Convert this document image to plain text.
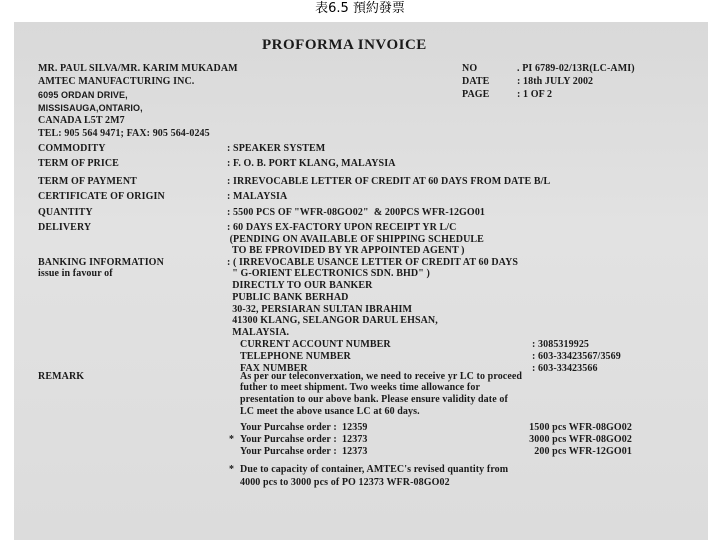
表6.5 預約發票
PROFORMA INVOICE
MR. PAUL SILVA/MR. KARIM MUKADAM
AMTEC MANUFACTURING INC.
6095 ORDAN DRIVE,
MISSISAUGA,ONTARIO,
CANADA L5T 2M7
TEL: 905 564 9471; FAX: 905 564-0245
NO	. PI 6789-02/13R(LC-AMI)
DATE	: 18th JULY 2002
PAGE	: 1 OF 2
COMMODITY	: SPEAKER SYSTEM
TERM OF PRICE	: F. O. B. PORT KLANG, MALAYSIA
TERM OF PAYMENT	: IRREVOCABLE LETTER OF CREDIT AT 60 DAYS FROM DATE B/L
CERTIFICATE OF ORIGIN	: MALAYSIA
QUANTITY	: 5500 PCS OF "WFR-08GO02"  & 200PCS WFR-12GO01
DELIVERY	: 60 DAYS EX-FACTORY UPON RECEIPT YR L/C
(PENDING ON AVAILABLE OF SHIPPING SCHEDULE
TO BE FPROVIDED BY YR APPOINTED AGENT )
BANKING INFORMATION
issue in favour of
: ( IRREVOCABLE USANCE LETTER OF CREDIT AT 60 DAYS
" G-ORIENT ELECTRONICS SDN. BHD" )
DIRECTLY TO OUR BANKER
PUBLIC BANK BERHAD
30-32, PERSIARAN SULTAN IBRAHIM
41300 KLANG, SELANGOR DARUL EHSAN,
MALAYSIA.
CURRENT ACCOUNT NUMBER	: 3085319925
TELEPHONE NUMBER	: 603-33423567/3569
FAX NUMBER	: 603-33423566
REMARK	As per our teleconverxation, we need to receive yr LC to proceed
futher to meet shipment. Two weeks time allowance for
presentation to our above bank. Please ensure validity date of
LC meet the above usance LC at 60 days.
Your Purcahse order :  12359	1500 pcs WFR-08GO02
* Your Purcahse order :  12373	3000 pcs WFR-08GO02
Your Purcahse order :  12373	200 pcs WFR-12GO01
* Due to capacity of container, AMTEC's revised quantity from
4000 pcs to 3000 pcs of PO 12373 WFR-08GO02
